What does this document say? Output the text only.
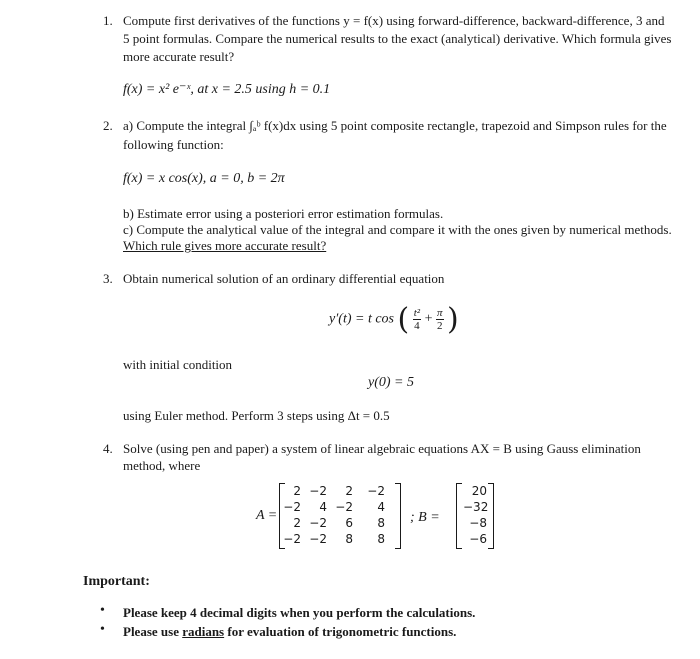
1. Compute first derivatives of the functions y = f(x) using forward-difference, backward-difference, 3 and
5 point formulas. Compare the numerical results to the exact (analytical) derivative. Which formula gives
more accurate result?
f(x) = x² e⁻ˣ, at x = 2.5 using h = 0.1
2. a) Compute the integral ∫ₐᵇ f(x)dx using 5 point composite rectangle, trapezoid and Simpson rules for the
following function:
f(x) = x cos(x), a = 0, b = 2π
b) Estimate error using a posteriori error estimation formulas.
c) Compute the analytical value of the integral and compare it with the ones given by numerical methods.
Which rule gives more accurate result?
3. Obtain numerical solution of an ordinary differential equation
y′(t) = t cos ( $\frac{\text{t²}}{4} + \frac{\pi}{2}$ )
with initial condition
y(0) = 5
using Euler method. Perform 3 steps using Δt = 0.5
4. Solve (using pen and paper) a system of linear algebraic equations AX = B using Gauss elimination
method, where
A =
2 −2	2	−2
−2	4 −2	4
2 −2	6	8
−2 −2	8	8
; B =
20
−32
−8
−6
Important:
• Please keep 4 decimal digits when you perform the calculations.
• Please use radians for evaluation of trigonometric functions.
